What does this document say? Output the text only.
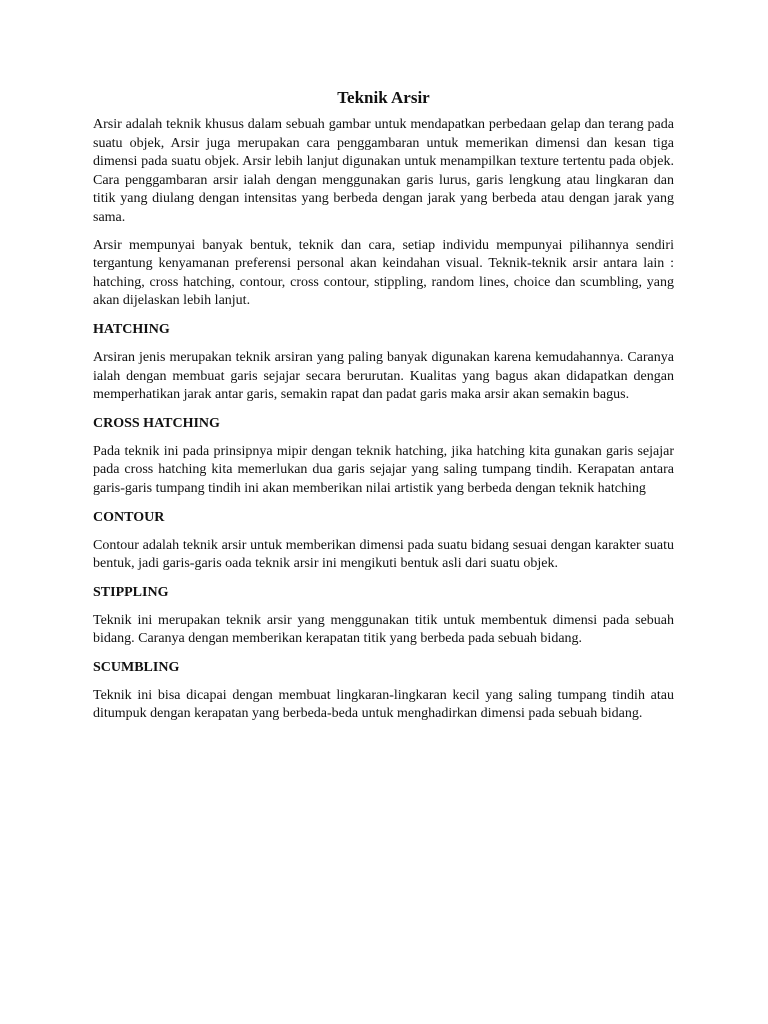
Teknik Arsir

Arsir adalah teknik khusus dalam sebuah gambar untuk mendapatkan perbedaan gelap dan terang pada suatu objek, Arsir juga merupakan cara penggambaran untuk memerikan dimensi dan kesan tiga dimensi pada suatu objek. Arsir lebih lanjut digunakan untuk menampilkan texture tertentu pada objek. Cara penggambaran arsir ialah dengan menggunakan garis lurus, garis lengkung atau lingkaran dan titik yang diulang dengan intensitas yang berbeda dengan jarak yang berbeda atau dengan jarak yang sama.

Arsir mempunyai banyak bentuk, teknik dan cara, setiap individu mempunyai pilihannya sendiri tergantung kenyamanan preferensi personal akan keindahan visual. Teknik-teknik arsir antara lain : hatching, cross hatching, contour, cross contour, stippling, random lines, choice dan scumbling, yang akan dijelaskan lebih lanjut.

HATCHING

Arsiran jenis merupakan teknik arsiran yang paling banyak digunakan karena kemudahannya. Caranya ialah dengan membuat garis sejajar secara berurutan. Kualitas yang bagus akan didapatkan dengan memperhatikan jarak antar garis, semakin rapat dan padat garis maka arsir akan semakin bagus.

CROSS HATCHING

Pada teknik ini pada prinsipnya mipir dengan teknik hatching, jika hatching kita gunakan garis sejajar pada cross hatching kita memerlukan dua garis sejajar yang saling tumpang tindih. Kerapatan antara garis-garis tumpang tindih ini akan memberikan nilai artistik yang berbeda dengan teknik hatching

CONTOUR

Contour adalah teknik arsir untuk memberikan dimensi pada suatu bidang sesuai dengan karakter suatu bentuk, jadi garis-garis oada teknik arsir ini mengikuti bentuk asli dari suatu objek.

STIPPLING

Teknik ini merupakan teknik arsir yang menggunakan titik untuk membentuk dimensi pada sebuah bidang. Caranya dengan memberikan kerapatan titik yang berbeda pada sebuah bidang.

SCUMBLING

Teknik ini bisa dicapai dengan membuat lingkaran-lingkaran kecil yang saling tumpang tindih atau ditumpuk dengan kerapatan yang berbeda-beda untuk menghadirkan dimensi pada sebuah bidang.
